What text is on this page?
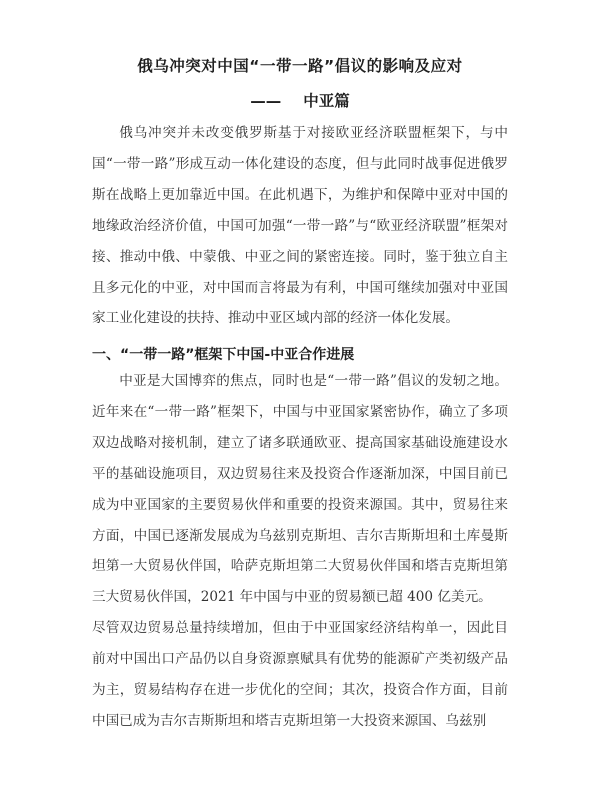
俄乌冲突对中国“一带一路”倡议的影响及应对
—— 中亚篇

俄乌冲突并未改变俄罗斯基于对接欧亚经济联盟框架下，与中国“一带一路”形成互动一体化建设的态度，但与此同时战事促进俄罗斯在战略上更加靠近中国。在此机遇下，为维护和保障中亚对中国的地缘政治经济价值，中国可加强“一带一路”与“欧亚经济联盟”框架对接、推动中俄、中蒙俄、中亚之间的紧密连接。同时，鉴于独立自主且多元化的中亚，对中国而言将最为有利，中国可继续加强对中亚国家工业化建设的扶持、推动中亚区域内部的经济一体化发展。

一、“一带一路”框架下中国-中亚合作进展

中亚是大国博弈的焦点，同时也是“一带一路”倡议的发轫之地。近年来在“一带一路”框架下，中国与中亚国家紧密协作，确立了多项双边战略对接机制，建立了诸多联通欧亚、提高国家基础设施建设水平的基础设施项目，双边贸易往来及投资合作逐渐加深，中国目前已成为中亚国家的主要贸易伙伴和重要的投资来源国。其中，贸易往来方面，中国已逐渐发展成为乌兹别克斯坦、吉尔吉斯斯坦和土库曼斯坦第一大贸易伙伴国，哈萨克斯坦第二大贸易伙伴国和塔吉克斯坦第三大贸易伙伴国，2021 年中国与中亚的贸易额已超 400 亿美元。

尽管双边贸易总量持续增加，但由于中亚国家经济结构单一，因此目前对中国出口产品仍以自身资源禀赋具有优势的能源矿产类初级产品为主，贸易结构存在进一步优化的空间；其次，投资合作方面，目前中国已成为吉尔吉斯斯坦和塔吉克斯坦第一大投资来源国、乌兹别
